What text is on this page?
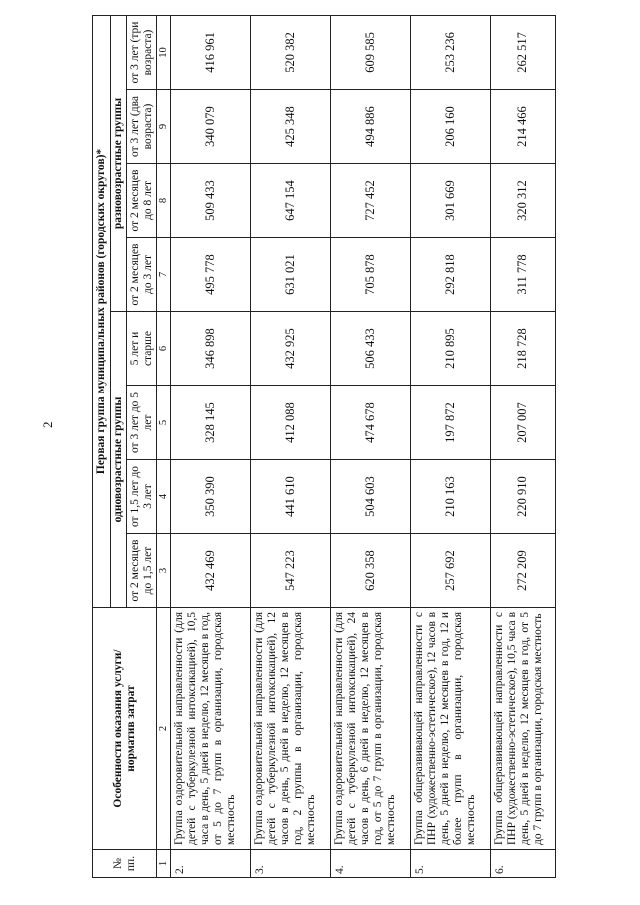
2
№
пп.	Особенности оказания услуги/
норматив затрат	Первая группа муниципальных районов (городских округов)*							
		одновозрастные группы				разновозрастные группы			
		от 2 месяцев до 1,5 лет	от 1,5 лет до 3 лет	от 3 лет до 5 лет	5 лет и старше	от 2 месяцев до 3 лет	от 2 месяцев до 8 лет	от 3 лет (два возраста)	от 3 лет (три возраста)
1	2	3	4	5	6	7	8	9	10
2.	Группа оздоровительной направленности (для детей с туберкулезной интоксикацией), 10,5 часа в день, 5 дней в неделю, 12 месяцев в год, от 5 до 7 групп в организации, городская местность	432 469	350 390	328 145	346 898	495 778	509 433	340 079	416 961
3.	Группа оздоровительной направленности (для детей с туберкулезной интоксикацией), 12 часов в день, 5 дней в неделю, 12 месяцев в год, 2 группы в организации, городская местность	547 223	441 610	412 088	432 925	631 021	647 154	425 348	520 382
4.	Группа оздоровительной направленности (для детей с туберкулезной интоксикацией), 24 часов в день, 6 дней в неделю, 12 месяцев в год, от 5 до 7 групп в организации, городская местность	620 358	504 603	474 678	506 433	705 878	727 452	494 886	609 585
5.	Группа общеразвивающей направленности с ПНР (художественно-эстетическое), 12 часов в день, 5 дней в неделю, 12 месяцев в год, 12 и более групп в организации, городская местность	257 692	210 163	197 872	210 895	292 818	301 669	206 160	253 236
6.	Группа общеразвивающей направленности с ПНР (художественно-эстетическое), 10,5 часа в день, 5 дней в неделю, 12 месяцев в год, от 5 до 7 групп в организации, городская местность	272 209	220 910	207 007	218 728	311 778	320 312	214 466	262 517
